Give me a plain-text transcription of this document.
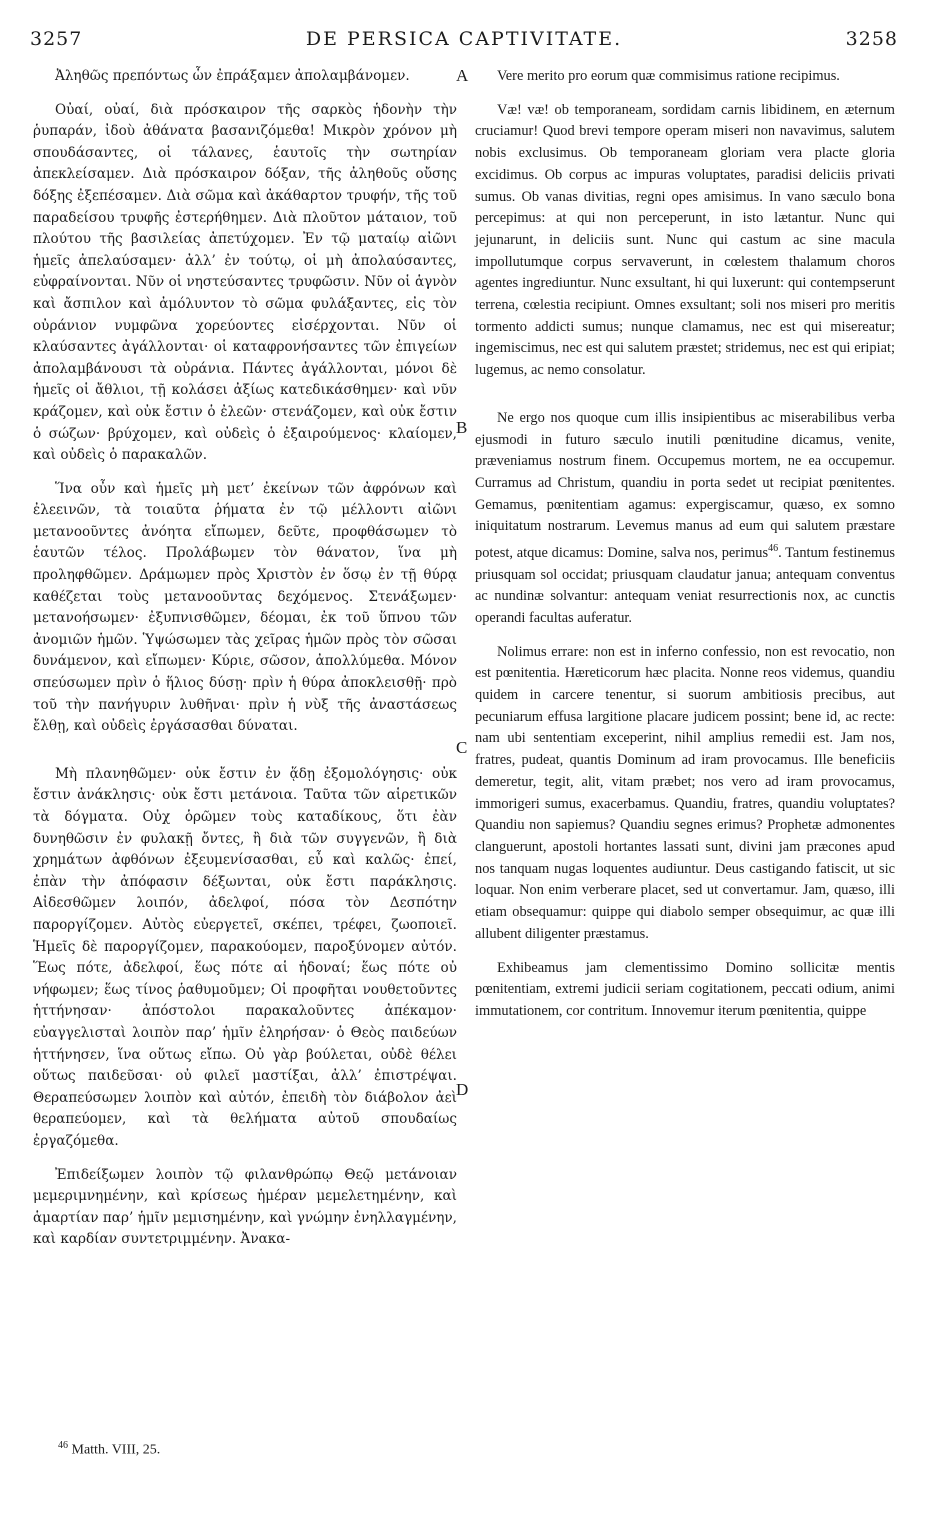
3257	DE PERSICA CAPTIVITATE.	3258
A
B
C
D

Ἀληθῶς πρεπόντως ὧν ἐπράξαμεν ἀπολαμβάνομεν.

Οὐαί, οὐαί, διὰ πρόσκαιρον τῆς σαρκὸς ἡδονὴν τὴν ῥυπαράν, ἰδοὺ ἀθάνατα βασανιζόμεθα! Μικρὸν χρόνον μὴ σπουδάσαντες, οἱ τάλανες, ἑαυτοῖς τὴν σωτηρίαν ἀπεκλείσαμεν. Διὰ πρόσκαιρον δόξαν, τῆς ἀληθοῦς οὔσης δόξης ἐξεπέσαμεν. Διὰ σῶμα καὶ ἀκάθαρτον τρυφήν, τῆς τοῦ παραδείσου τρυφῆς ἐστερήθημεν. Διὰ πλοῦτον μάταιον, τοῦ πλούτου τῆς βασιλείας ἀπετύχομεν. Ἐν τῷ ματαίῳ αἰῶνι ἡμεῖς ἀπελαύσαμεν· ἀλλ’ ἐν τούτῳ, οἱ μὴ ἀπολαύσαντες, εὐφραίνονται. Νῦν οἱ νηστεύσαντες τρυφῶσιν. Νῦν οἱ ἁγνὸν καὶ ἄσπιλον καὶ ἀμόλυντον τὸ σῶμα φυλάξαντες, εἰς τὸν οὐράνιον νυμφῶνα χορεύοντες εἰσέρχονται. Νῦν οἱ κλαύσαντες ἀγάλλονται· οἱ καταφρονήσαντες τῶν ἐπιγείων ἀπολαμβάνουσι τὰ οὐράνια. Πάντες ἀγάλλονται, μόνοι δὲ ἡμεῖς οἱ ἄθλιοι, τῇ κολάσει ἀξίως κατεδικάσθημεν· καὶ νῦν κράζομεν, καὶ οὐκ ἔστιν ὁ ἐλεῶν· στενάζομεν, καὶ οὐκ ἔστιν ὁ σώζων· βρύχομεν, καὶ οὐδεὶς ὁ ἐξαιρούμενος· κλαίομεν, καὶ οὐδεὶς ὁ παρακαλῶν.

Ἵνα οὖν καὶ ἡμεῖς μὴ μετ’ ἐκείνων τῶν ἀφρόνων καὶ ἐλεεινῶν, τὰ τοιαῦτα ῥήματα ἐν τῷ μέλλοντι αἰῶνι μετανοοῦντες ἀνόητα εἴπωμεν, δεῦτε, προφθάσωμεν τὸ ἑαυτῶν τέλος. Προλάβωμεν τὸν θάνατον, ἵνα μὴ προληφθῶμεν. Δράμωμεν πρὸς Χριστὸν ἐν ὅσῳ ἐν τῇ θύρᾳ καθέζεται τοὺς μετανοοῦντας δεχόμενος. Στενάξωμεν· μετανοήσωμεν· ἐξυπνισθῶμεν, δέομαι, ἐκ τοῦ ὕπνου τῶν ἀνομιῶν ἡμῶν. Ὑψώσωμεν τὰς χεῖρας ἡμῶν πρὸς τὸν σῶσαι δυνάμενον, καὶ εἴπωμεν· Κύριε, σῶσον, ἀπολλύμεθα. Μόνον σπεύσωμεν πρὶν ὁ ἥλιος δύσῃ· πρὶν ἡ θύρα ἀποκλεισθῇ· πρὸ τοῦ τὴν πανήγυριν λυθῆναι· πρὶν ἡ νὺξ τῆς ἀναστάσεως ἔλθῃ, καὶ οὐδεὶς ἐργάσασθαι δύναται.

Μὴ πλανηθῶμεν· οὐκ ἔστιν ἐν ᾅδῃ ἐξομολόγησις· οὐκ ἔστιν ἀνάκλησις· οὐκ ἔστι μετάνοια. Ταῦτα τῶν αἱρετικῶν τὰ δόγματα. Οὐχ ὁρῶμεν τοὺς καταδίκους, ὅτι ἐὰν δυνηθῶσιν ἐν φυλακῇ ὄντες, ἢ διὰ τῶν συγγενῶν, ἢ διὰ χρημάτων ἀφθόνων ἐξευμενίσασθαι, εὖ καὶ καλῶς· ἐπεί, ἐπὰν τὴν ἀπόφασιν δέξωνται, οὐκ ἔστι παράκλησις. Αἰδεσθῶμεν λοιπόν, ἀδελφοί, πόσα τὸν Δεσπότην παροργίζομεν. Αὐτὸς εὐεργετεῖ, σκέπει, τρέφει, ζωοποιεῖ. Ἡμεῖς δὲ παροργίζομεν, παρακούομεν, παροξύνομεν αὐτόν. Ἕως πότε, ἀδελφοί, ἕως πότε αἱ ἡδοναί; ἕως πότε οὐ νήφωμεν; ἕως τίνος ῥαθυμοῦμεν; Οἱ προφῆται νουθετοῦντες ἡττήνησαν· ἀπόστολοι παρακαλοῦντες ἀπέκαμον· εὐαγγελισταὶ λοιπὸν παρ’ ἡμῖν ἐληρήσαν· ὁ Θεὸς παιδεύων ἡττήνησεν, ἵνα οὕτως εἴπω. Οὐ γὰρ βούλεται, οὐδὲ θέλει οὕτως παιδεῦσαι· οὐ φιλεῖ μαστίξαι, ἀλλ’ ἐπιστρέψαι. Θεραπεύσωμεν λοιπὸν καὶ αὐτόν, ἐπειδὴ τὸν διάβολον ἀεὶ θεραπεύομεν, καὶ τὰ θελήματα αὐτοῦ σπουδαίως ἐργαζόμεθα.

Ἐπιδείξωμεν λοιπὸν τῷ φιλανθρώπῳ Θεῷ μετάνοιαν μεμεριμνημένην, καὶ κρίσεως ἡμέραν μεμελετημένην, καὶ ἁμαρτίαν παρ’ ἡμῖν μεμισημένην, καὶ γνώμην ἐνηλλαγμένην, καὶ καρδίαν συντετριμμένην. Ἀνακα-

Vere merito pro eorum quæ commisimus ratione recipimus.

Væ! væ! ob temporaneam, sordidam carnis libidinem, en æternum cruciamur! Quod brevi tempore operam miseri non navavimus, salutem nobis exclusimus. Ob temporaneam gloriam vera placte gloria excidimus. Ob corpus ac impuras voluptates, paradisi deliciis privati sumus. Ob vanas divitias, regni opes amisimus. In vano sæculo bona percepimus: at qui non perceperunt, in isto lætantur. Nunc qui jejunarunt, in deliciis sunt. Nunc qui castum ac sine macula impollutumque corpus servaverunt, in cœlestem thalamum choros agentes ingrediuntur. Nunc exsultant, hi qui luxerunt: qui contempserunt terrena, cœlestia recipiunt. Omnes exsultant; soli nos miseri pro meritis tormento addicti sumus; nunque clamamus, nec est qui misereatur; ingemiscimus, nec est qui salutem præstet; stridemus, nec est qui eripiat; lugemus, ac nemo consolatur.

Ne ergo nos quoque cum illis insipientibus ac miserabilibus verba ejusmodi in futuro sæculo inutili pœnitudine dicamus, venite, præveniamus nostrum finem. Occupemus mortem, ne ea occupemur. Curramus ad Christum, quandiu in porta sedet ut recipiat pœnitentes. Gemamus, pœnitentiam agamus: expergiscamur, quæso, ex somno iniquitatum nostrarum. Levemus manus ad eum qui salutem præstare potest, atque dicamus: Domine, salva nos, perimus$^{46}$. Tantum festinemus priusquam sol occidat; priusquam claudatur janua; antequam conventus ac nundinæ solvantur: antequam veniat resurrectionis nox, ac cunctis operandi facultas auferatur.

Nolimus errare: non est in inferno confessio, non est revocatio, non est pœnitentia. Hæreticorum hæc placita. Nonne reos videmus, quandiu quidem in carcere tenentur, si suorum ambitiosis precibus, aut pecuniarum effusa largitione placare judicem possint; bene id, ac recte: nam ubi sententiam exceperint, nihil amplius remedii est. Jam nos, fratres, pudeat, quantis Dominum ad iram provocamus. Ille beneficiis demeretur, tegit, alit, vitam præbet; nos vero ad iram provocamus, immorigeri sumus, exacerbamus. Quandiu, fratres, quandiu voluptates? Quandiu non sapiemus? Quandiu segnes erimus? Prophetæ admonentes clanguerunt, apostoli hortantes lassati sunt, divini jam præcones apud nos tanquam nugas loquentes audiuntur. Deus castigando fatiscit, ut sic loquar. Non enim verberare placet, sed ut convertamur. Jam, quæso, illi etiam obsequamur: quippe qui diabolo semper obsequimur, ac quæ illi allubent diligenter præstamus.

Exhibeamus jam clementissimo Domino sollicitæ mentis pœnitentiam, extremi judicii seriam cogitationem, peccati odium, animi immutationem, cor contritum. Innovemur iterum pœnitentia, quippe

$^{46}$ Matth. VIII, 25.
